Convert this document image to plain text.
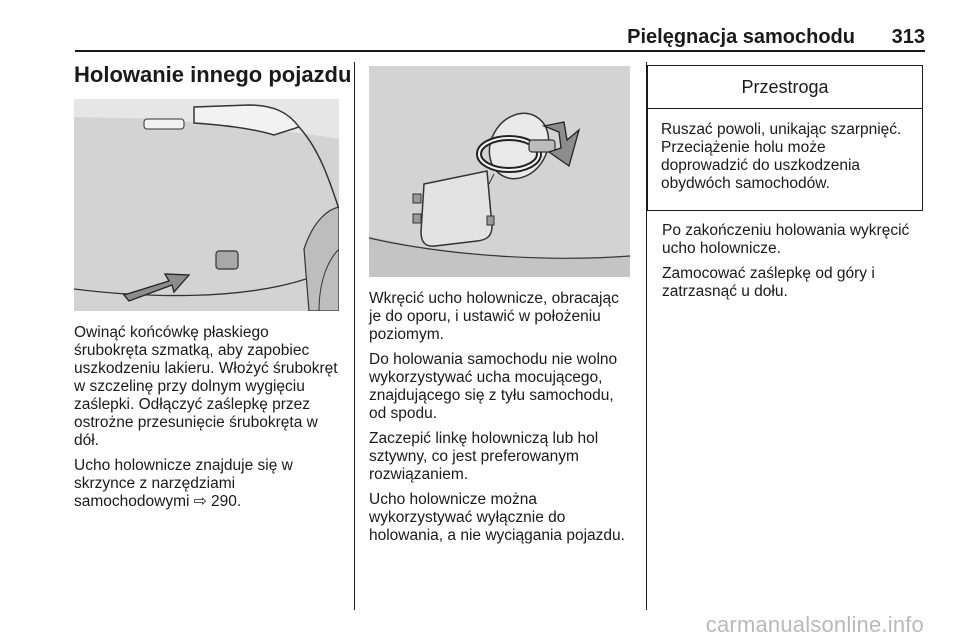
Pielęgnacja samochodu 313
Holowanie innego pojazdu

Owinąć końcówkę płaskiego śrubokręta szmatką, aby zapobiec uszkodzeniu lakieru. Włożyć śrubokręt w szczelinę przy dolnym wygięciu zaślepki. Odłączyć zaślepkę przez ostrożne przesunięcie śrubokręta w dół.

Ucho holownicze znajduje się w skrzynce z narzędziami samochodowymi ⇨ 290.

Wkręcić ucho holownicze, obracając je do oporu, i ustawić w położeniu poziomym.

Do holowania samochodu nie wolno wykorzystywać ucha mocującego, znajdującego się z tyłu samochodu, od spodu.

Zaczepić linkę holowniczą lub hol sztywny, co jest preferowanym rozwiązaniem.

Ucho holownicze można wykorzystywać wyłącznie do holowania, a nie wyciągania pojazdu.

Przestroga
Ruszać powoli, unikając szarpnięć. Przeciążenie holu może doprowadzić do uszkodzenia obydwóch samochodów.

Po zakończeniu holowania wykręcić ucho holownicze.

Zamocować zaślepkę od góry i zatrzasnąć u dołu.

carmanualsonline.info
